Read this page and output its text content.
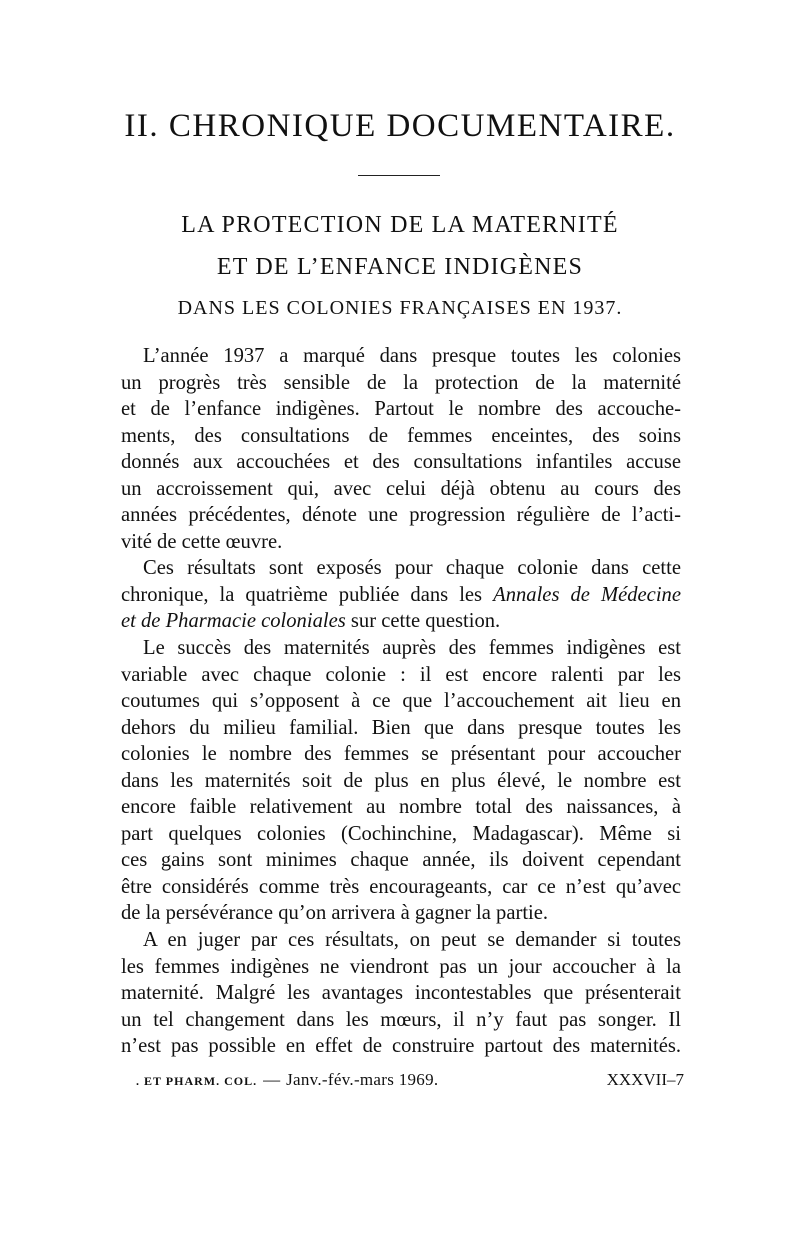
II. CHRONIQUE DOCUMENTAIRE.
LA PROTECTION DE LA MATERNITÉ
ET DE L’ENFANCE INDIGÈNES
DANS LES COLONIES FRANÇAISES EN 1937.
L’année 1937 a marqué dans presque toutes les colonies
un progrès très sensible de la protection de la maternité
et de l’enfance indigènes. Partout le nombre des accouche-
ments, des consultations de femmes enceintes, des soins
donnés aux accouchées et des consultations infantiles accuse
un accroissement qui, avec celui déjà obtenu au cours des
années précédentes, dénote une progression régulière de l’acti-
vité de cette œuvre.
Ces résultats sont exposés pour chaque colonie dans cette
chronique, la quatrième publiée dans les Annales de Médecine
et de Pharmacie coloniales sur cette question.
Le succès des maternités auprès des femmes indigènes est
variable avec chaque colonie : il est encore ralenti par les
coutumes qui s’opposent à ce que l’accouchement ait lieu en
dehors du milieu familial. Bien que dans presque toutes les
colonies le nombre des femmes se présentant pour accoucher
dans les maternités soit de plus en plus élevé, le nombre est
encore faible relativement au nombre total des naissances, à
part quelques colonies (Cochinchine, Madagascar). Même si
ces gains sont minimes chaque année, ils doivent cependant
être considérés comme très encourageants, car ce n’est qu’avec
de la persévérance qu’on arrivera à gagner la partie.
A en juger par ces résultats, on peut se demander si toutes
les femmes indigènes ne viendront pas un jour accoucher à la
maternité. Malgré les avantages incontestables que présenterait
un tel changement dans les mœurs, il n’y faut pas songer. Il
n’est pas possible en effet de construire partout des maternités.
. ET PHARM. COL. — Janv.-fév.-mars 1969.	XXXVII–7
